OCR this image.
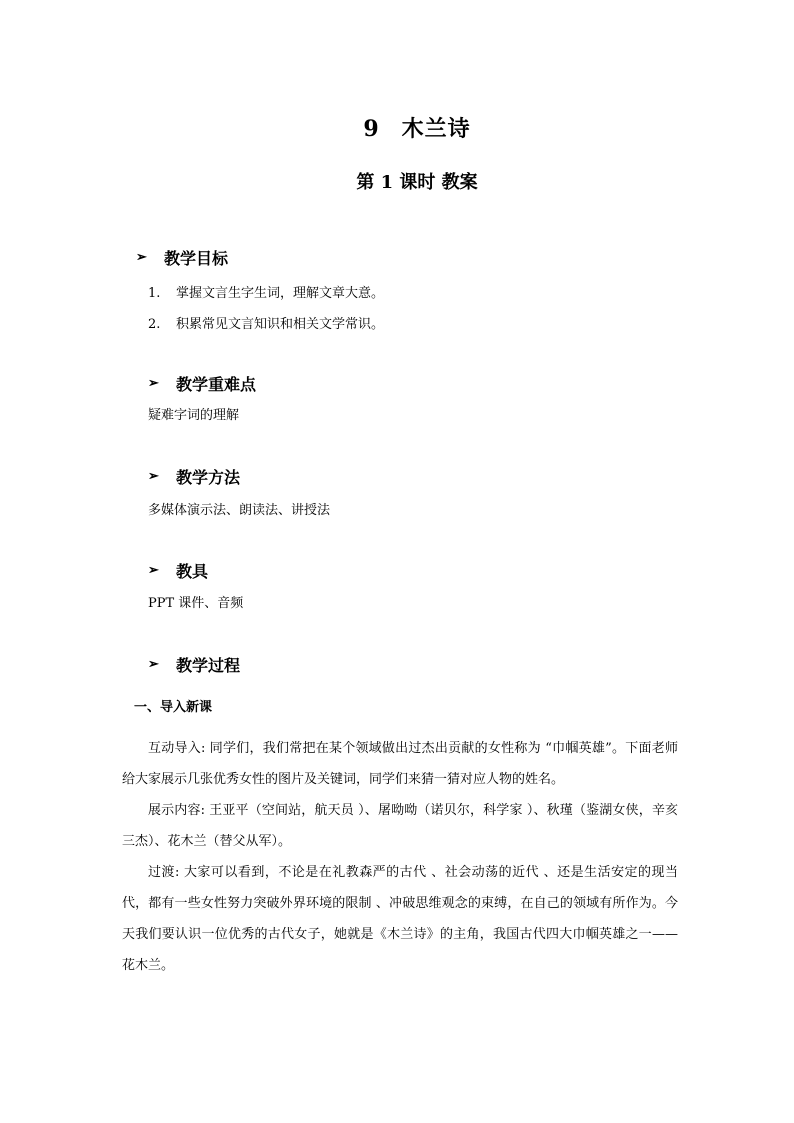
9 木兰诗
第 1 课时 教案
➢ 教学目标
1. 掌握文言生字生词，理解文章大意。
2. 积累常见文言知识和相关文学常识。
➢ 教学重难点
疑难字词的理解
➢ 教学方法
多媒体演示法、朗读法、讲授法
➢ 教具
PPT 课件、音频
➢ 教学过程
一、导入新课
互动导入: 同学们，我们常把在某个领域做出过杰出贡献的女性称为 “巾帼英雄”。下面老师给大家展示几张优秀女性的图片及关键词，同学们来猜一猜对应人物的姓名。
展示内容: 王亚平（空间站，航天员 ）、屠呦呦（诺贝尔，科学家 ）、秋瑾（鉴湖女侠，辛亥三杰）、花木兰（替父从军）。
过渡: 大家可以看到，不论是在礼教森严的古代 、社会动荡的近代 、还是生活安定的现当代，都有一些女性努力突破外界环境的限制 、冲破思维观念的束缚，在自己的领域有所作为。今天我们要认识一位优秀的古代女子，她就是《木兰诗》的主角，我国古代四大巾帼英雄之一——花木兰。
